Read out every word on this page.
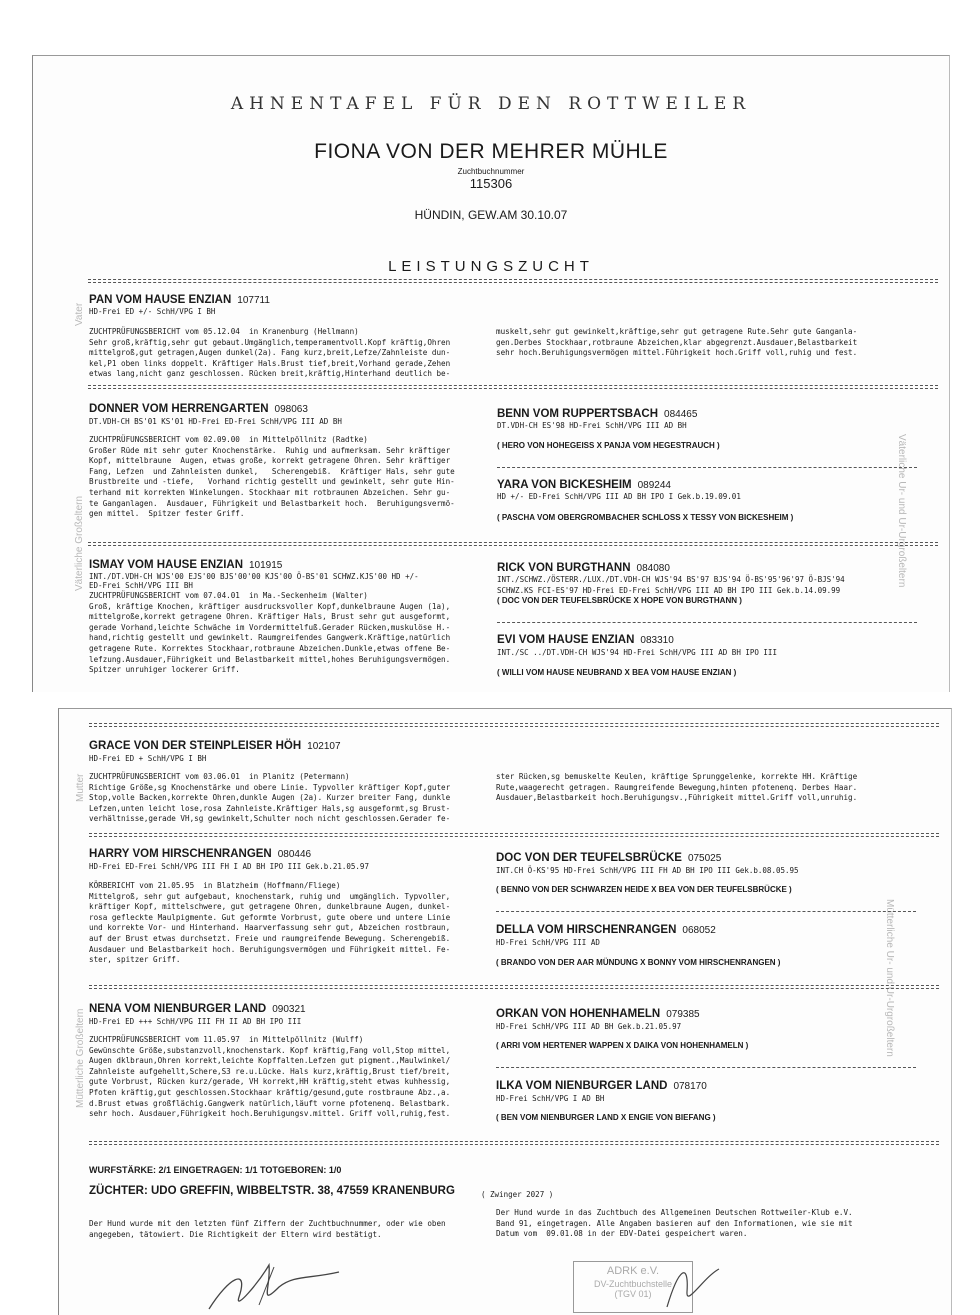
AHNENTAFEL FÜR DEN ROTTWEILER
FIONA VON DER MEHRER MÜHLE
Zuchtbuchnummer
115306
HÜNDIN, GEW.AM 30.10.07
LEISTUNGSZUCHT
Vater
Väterliche Großeltern	Väterliche Ur- und Ur-Urgroßeltern
PAN VOM HAUSE ENZIAN 107711
HD-Frei ED +/- SchH/VPG I BH
ZUCHTPRÜFUNGSBERICHT vom 05.12.04  in Kranenburg (Hellmann)
Sehr groß,kräftig,sehr gut gebaut.Umgänglich,temperamentvoll.Kopf kräftig,Ohren
mittelgroß,gut getragen,Augen dunkel(2a). Fang kurz,breit,Lefze/Zahnleiste dun-
kel,P1 oben links doppelt. Kräftiger Hals.Brust tief,breit,Vorhand gerade,Zehen
etwas lang,nicht ganz geschlossen. Rücken breit,kräftig,Hinterhand deutlich be-
muskelt,sehr gut gewinkelt,kräftige,sehr gut getragene Rute.Sehr gute Ganganla-
gen.Derbes Stockhaar,rotbraune Abzeichen,klar abgegrenzt.Ausdauer,Belastbarkeit
sehr hoch.Beruhigungsvermögen mittel.Führigkeit hoch.Griff voll,ruhig und fest.
DONNER VOM HERRENGARTEN 098063
DT.VDH-CH BS'01 KS'01 HD-Frei ED-Frei SchH/VPG III AD BH
ZUCHTPRÜFUNGSBERICHT vom 02.09.00  in Mittelpöllnitz (Radtke)
Großer Rüde mit sehr guter Knochenstärke.  Ruhig und aufmerksam. Sehr kräftiger
Kopf, mittelbraune  Augen, etwas große, korrekt getragene Ohren. Sehr kräftiger
Fang, Lefzen  und Zahnleisten dunkel,   Scherengebiß.  Kräftiger Hals, sehr gute
Brustbreite und -tiefe,   Vorhand richtig gestellt und gewinkelt, sehr gute Hin-
terhand mit korrekten Winkelungen. Stockhaar mit rotbraunen Abzeichen. Sehr gu-
te Ganganlagen.  Ausdauer, Führigkeit und Belastbarkeit hoch.  Beruhigungsvermö-
gen mittel.  Spitzer fester Griff.
BENN VOM RUPPERTSBACH 084465
DT.VDH-CH ES'98 HD-Frei SchH/VPG III AD BH
( HERO VON HOHEGEISS X PANJA VOM HEGESTRAUCH )
YARA VON BICKESHEIM 089244
HD +/- ED-Frei SchH/VPG III AD BH IPO I Gek.b.19.09.01
( PASCHA VOM OBERGROMBACHER SCHLOSS X TESSY VON BICKESHEIM )
ISMAY VOM HAUSE ENZIAN 101915
INT./DT.VDH-CH WJS'00 EJS'00 BJS'00'00 KJS'00 Ö-BS'01 SCHWZ.KJS'00 HD +/-
ED-Frei SchH/VPG III BH
ZUCHTPRÜFUNGSBERICHT vom 07.04.01  in Ma.-Seckenheim (Walter)
Groß, kräftige Knochen, kräftiger ausdrucksvoller Kopf,dunkelbraune Augen (1a),
mittelgroße,korrekt getragene Ohren. Kräftiger Hals, Brust sehr gut ausgeformt,
gerade Vorhand,leichte Schwäche im Vordermittelfuß.Gerader Rücken,muskulöse H.-
hand,richtig gestellt und gewinkelt. Raumgreifendes Gangwerk.Kräftige,natürlich
getragene Rute. Korrektes Stockhaar,rotbraune Abzeichen.Dunkle,etwas offene Be-
lefzung.Ausdauer,Führigkeit und Belastbarkeit mittel,hohes Beruhigungsvermögen.
Spitzer unruhiger lockerer Griff.
RICK VON BURGTHANN 084080
INT./SCHWZ./ÖSTERR./LUX./DT.VDH-CH WJS'94 BS'97 BJS'94 Ö-BS'95'96'97 Ö-BJS'94
SCHWZ.KS FCI-ES'97 HD-Frei ED-Frei SchH/VPG III AD BH IPO III Gek.b.14.09.99
( DOC VON DER TEUFELSBRÜCKE X HOPE VON BURGTHANN )
EVI VOM HAUSE ENZIAN 083310
INT./SC ../DT.VDH-CH WJS'94 HD-Frei SchH/VPG III AD BH IPO III
( WILLI VOM HAUSE NEUBRAND X BEA VOM HAUSE ENZIAN )
Mutter
Mütterliche Großeltern
Mütterliche Ur- und Ur-Urgroßeltern
GRACE VON DER STEINPLEISER HÖH 102107
HD-Frei ED + SchH/VPG I BH
ZUCHTPRÜFUNGSBERICHT vom 03.06.01  in Planitz (Petermann)
Richtige Größe,sg Knochenstärke und obere Linie. Typvoller kräftiger Kopf,guter
Stop,volle Backen,korrekte Ohren,dunkle Augen (2a). Kurzer breiter Fang, dunkle
Lefzen,unten leicht lose,rosa Zahnleiste.Kräftiger Hals,sg ausgeformt,sg Brust-
verhältnisse,gerade VH,sg gewinkelt,Schulter noch nicht geschlossen.Gerader fe-
ster Rücken,sg bemuskelte Keulen, kräftige Sprunggelenke, korrekte HH. Kräftige
Rute,waagerecht getragen. Raumgreifende Bewegung,hinten pfotenenq. Derbes Haar.
Ausdauer,Belastbarkeit hoch.Beruhigungsv.,Führigkeit mittel.Griff voll,unruhig.
HARRY VOM HIRSCHENRANGEN 080446
HD-Frei ED-Frei SchH/VPG III FH I AD BH IPO III Gek.b.21.05.97
KÖRBERICHT vom 21.05.95  in Blatzheim (Hoffmann/Fliege)
Mittelgroß, sehr gut aufgebaut, knochenstark, ruhig und  umgänglich. Typvoller,
kräftiger Kopf, mittelschwere, gut getragene Ohren, dunkelbraune Augen, dunkel-
rosa gefleckte Maulpigmente. Gut geformte Vorbrust, gute obere und untere Linie
und korrekte Vor- und Hinterhand. Haarverfassung sehr gut, Abzeichen rostbraun,
auf der Brust etwas durchsetzt. Freie und raumgreifende Bewegung. Scherengebiß.
Ausdauer und Belastbarkeit hoch. Beruhigungsvermögen und Führigkeit mittel. Fe-
ster, spitzer Griff.
DOC VON DER TEUFELSBRÜCKE 075025
INT.CH Ö-KS'95 HD-Frei SchH/VPG III FH AD BH IPO III Gek.b.08.05.95
( BENNO VON DER SCHWARZEN HEIDE X BEA VON DER TEUFELSBRÜCKE )
DELLA VOM HIRSCHENRANGEN 068052
HD-Frei SchH/VPG III AD
( BRANDO VON DER AAR MÜNDUNG X BONNY VOM HIRSCHENRANGEN )
NENA VOM NIENBURGER LAND 090321
HD-Frei ED +++ SchH/VPG III FH II AD BH IPO III
ZUCHTPRÜFUNGSBERICHT vom 11.05.97  in Mittelpöllnitz (Wulff)
Gewünschte Größe,substanzvoll,knochenstark. Kopf kräftig,Fang voll,Stop mittel,
Augen dklbraun,Ohren korrekt,leichte Kopffalten.Lefzen gut pigment.,Maulwinkel/
Zahnleiste aufgehellt,Schere,S3 re.u.Lücke. Hals kurz,kräftig,Brust tief/breit,
gute Vorbrust, Rücken kurz/gerade, VH korrekt,HH kräftig,steht etwas kuhhessig,
Pfoten kräftig,gut geschlossen.Stockhaar kräftig/gesund,gute rostbraune Abz.,a.
d.Brust etwas großflächig.Gangwerk natürlich,läuft vorne pfotenenq. Belastbark.
sehr hoch. Ausdauer,Führigkeit hoch.Beruhigungsv.mittel. Griff voll,ruhig,fest.
ORKAN VON HOHENHAMELN 079385
HD-Frei SchH/VPG III AD BH Gek.b.21.05.97
( ARRI VOM HERTENER WAPPEN X DAIKA VON HOHENHAMELN )
ILKA VOM NIENBURGER LAND 078170
HD-Frei SchH/VPG I AD BH
( BEN VOM NIENBURGER LAND X ENGIE VON BIEFANG )
WURFSTÄRKE: 2/1 EINGETRAGEN: 1/1 TOTGEBOREN: 1/0
ZÜCHTER: UDO GREFFIN, WIBBELTSTR. 38, 47559 KRANENBURG	( Zwinger 2027 )
Der Hund wurde mit den letzten fünf Ziffern der Zuchtbuchnummer, oder wie oben
angegeben, tätowiert. Die Richtigkeit der Eltern wird bestätigt.
Der Hund wurde in das Zuchtbuch des Allgemeinen Deutschen Rottweiler-Klub e.V.
Band 91, eingetragen. Alle Angaben basieren auf den Informationen, wie sie mit
Datum vom  09.01.08 in der EDV-Datei gespeichert waren.
ADRK e.V.
DV-Zuchtbuchstelle
(TGV 01)
